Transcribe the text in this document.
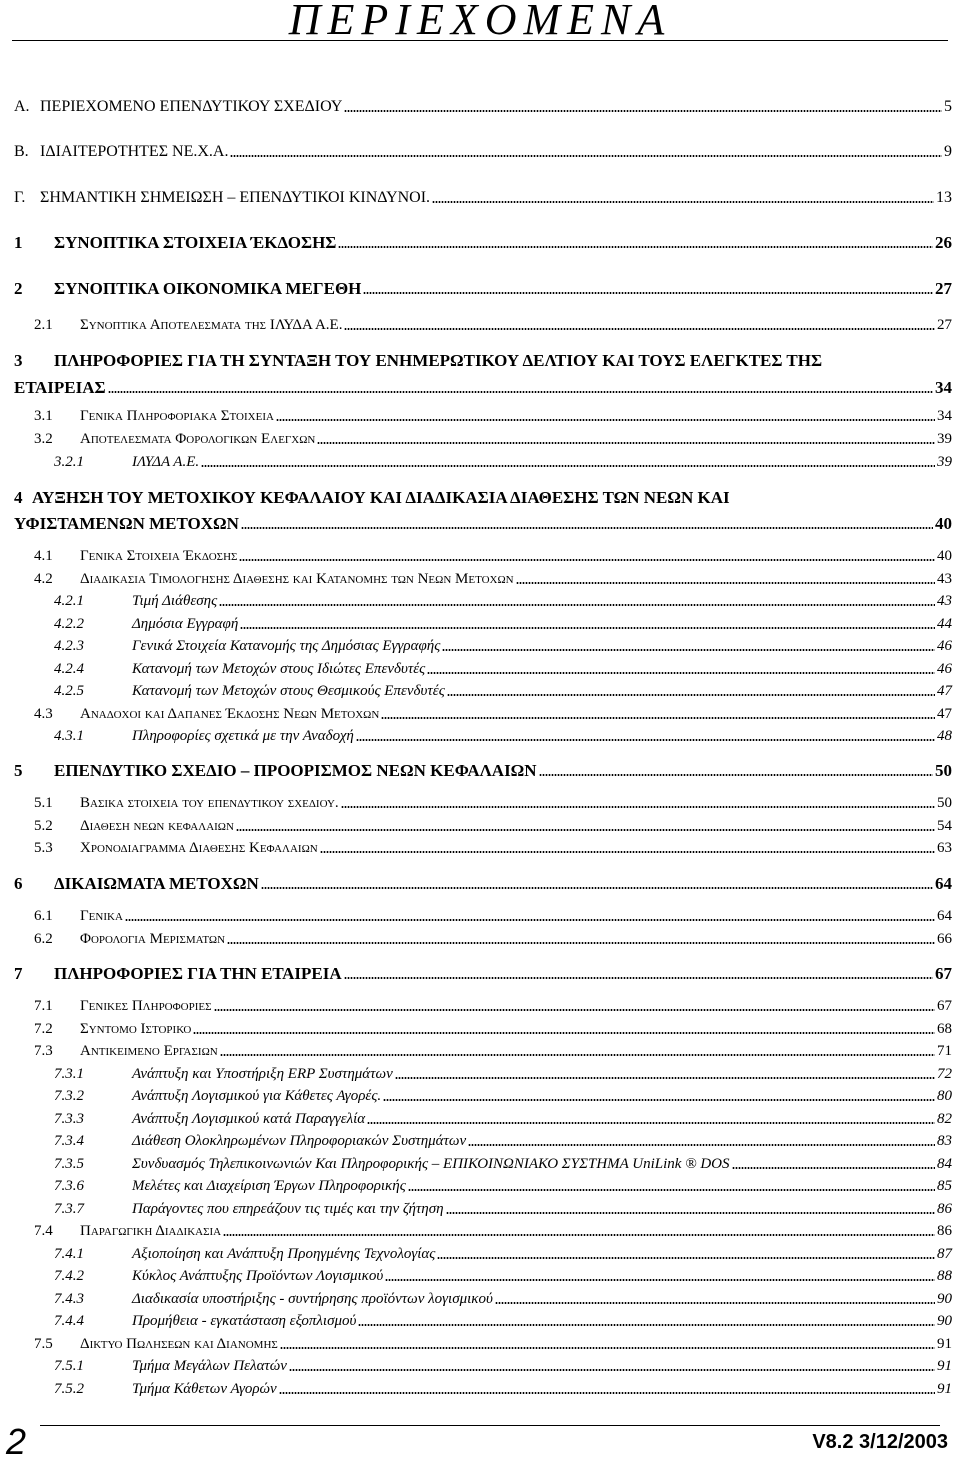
ΠΕΡΙΕΧΟΜΕΝΑ
Α. ΠΕΡΙΕΧΟΜΕΝΟ ΕΠΕΝΔΥΤΙΚΟΥ ΣΧΕΔΙΟΥ	5
Β. ΙΔΙΑΙΤΕΡΟΤΗΤΕΣ ΝΕ.Χ.Α.	9
Γ. ΣΗΜΑΝΤΙΚΗ ΣΗΜΕΙΩΣΗ – ΕΠΕΝΔΥΤΙΚΟΙ ΚΙΝΔΥΝΟΙ.	13
1 ΣΥΝΟΠΤΙΚΑ ΣΤΟΙΧΕΙΑ ΈΚΔΟΣΗΣ	26
2 ΣΥΝΟΠΤΙΚΑ ΟΙΚΟΝΟΜΙΚΑ ΜΕΓΕΘΗ	27
2.1 Συνοπτικα Αποτελεσματα της ΙΛΥΔΑ Α.Ε.	27
3 ΠΛΗΡΟΦΟΡΙΕΣ ΓΙΑ ΤΗ ΣΥΝΤΑΞΗ ΤΟΥ ΕΝΗΜΕΡΩΤΙΚΟΥ ΔΕΛΤΙΟΥ ΚΑΙ ΤΟΥΣ ΕΛΕΓΚΤΕΣ ΤΗΣ
ΕΤΑΙΡΕΙΑΣ	34
3.1 Γενικα Πληροφοριακα Στοιχεια	34
3.2 Αποτελεσματα Φορολογικων Ελεγχων	39
3.2.1	ΙΛΥΔΑ Α.Ε.	39
4 ΑΥΞΗΣΗ ΤΟΥ ΜΕΤΟΧΙΚΟΥ ΚΕΦΑΛΑΙΟΥ ΚΑΙ ΔΙΑΔΙΚΑΣΙΑ ΔΙΑΘΕΣΗΣ ΤΩΝ ΝΕΩΝ ΚΑΙ
ΥΦΙΣΤΑΜΕΝΩΝ ΜΕΤΟΧΩΝ	40
4.1 Γενικα Στοιχεια Έκδοσης	40
4.2 Διαδικασια Τιμολογησης Διαθεσης και Κατανομης των Νεων Μετοχων	43
4.2.1	Τιμή Διάθεσης	43
4.2.2	Δημόσια Εγγραφή	44
4.2.3	Γενικά Στοιχεία Κατανομής της Δημόσιας Εγγραφής	46
4.2.4	Κατανομή των Μετοχών στους Ιδιώτες Επενδυτές	46
4.2.5	Κατανομή των Μετοχών στους Θεσμικούς Επενδυτές	47
4.3 Αναδοχοι και Δαπανες Έκδοσης Νεων Μετοχων	47
4.3.1	Πληροφορίες σχετικά με την Αναδοχή	48
5 ΕΠΕΝΔΥΤΙΚΟ ΣΧΕΔΙΟ – ΠΡΟΟΡΙΣΜΟΣ ΝΕΩΝ ΚΕΦΑΛΑΙΩΝ	50
5.1 Βασικα στοιχεια του επενδυτικου σχεδιου.	50
5.2 Διαθεση νεων κεφαλαιων	54
5.3 Χρονοδιαγραμμα Διαθεσης Κεφαλαιων	63
6 ΔΙΚΑΙΩΜΑΤΑ ΜΕΤΟΧΩΝ	64
6.1 Γενικα	64
6.2 Φορολογια Μερισματων	66
7 ΠΛΗΡΟΦΟΡΙΕΣ ΓΙΑ ΤΗΝ ΕΤΑΙΡΕΙΑ	67
7.1 Γενικες Πληροφοριες	67
7.2 Συντομο Ιστορικο	68
7.3 Αντικειμενο Εργασιων	71
7.3.1	Ανάπτυξη και Υποστήριξη ERP Συστημάτων	72
7.3.2	Ανάπτυξη Λογισμικού για Κάθετες Αγορές.	80
7.3.3	Ανάπτυξη Λογισμικού κατά Παραγγελία	82
7.3.4	Διάθεση Ολοκληρωμένων Πληροφοριακών Συστημάτων	83
7.3.5	Συνδυασμός Τηλεπικοινωνιών Και Πληροφορικής – ΕΠΙΚΟΙΝΩΝΙΑΚΟ ΣΥΣΤΗΜΑ UniLink ® DOS	84
7.3.6	Μελέτες και Διαχείριση Έργων Πληροφορικής	85
7.3.7	Παράγοντες που επηρεάζουν τις τιμές και την ζήτηση	86
7.4 Παραγωγικη Διαδικασια	86
7.4.1	Αξιοποίηση και Ανάπτυξη Προηγμένης Τεχνολογίας	87
7.4.2	Κύκλος Ανάπτυξης Προϊόντων Λογισμικού	88
7.4.3	Διαδικασία υποστήριξης - συντήρησης προϊόντων λογισμικού	90
7.4.4	Προμήθεια - εγκατάσταση εξοπλισμού	90
7.5 Δικτυο Πωλησεων και Διανομης	91
7.5.1	Τμήμα Μεγάλων Πελατών	91
7.5.2	Τμήμα Κάθετων Αγορών	91
2	V8.2 3/12/2003
